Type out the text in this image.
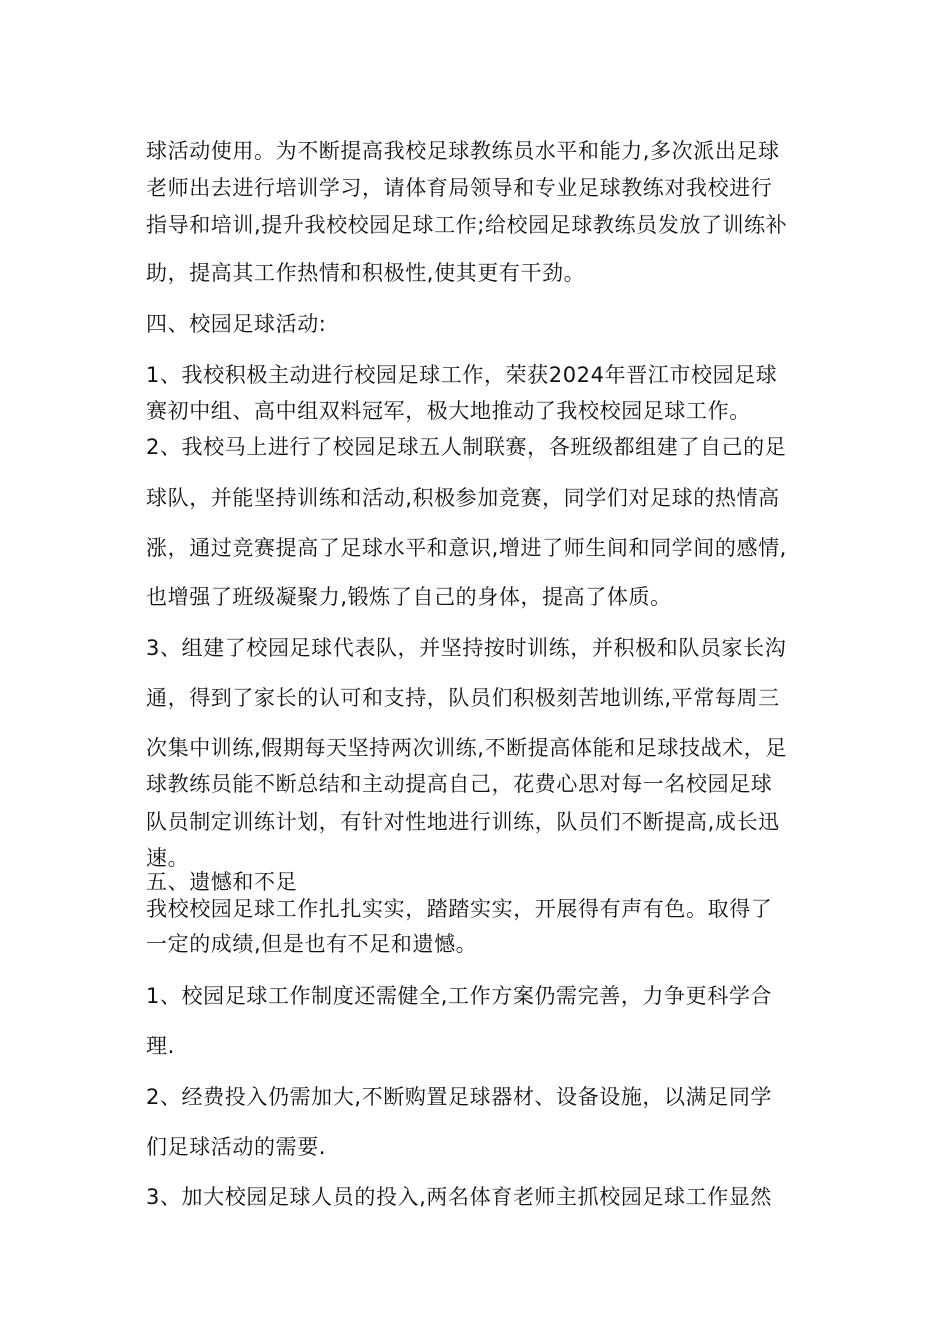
球活动使用。为不断提高我校足球教练员水平和能力,多次派出足球

老师出去进行培训学习，请体育局领导和专业足球教练对我校进行

指导和培训,提升我校校园足球工作;给校园足球教练员发放了训练补

助，提高其工作热情和积极性,使其更有干劲。

四、校园足球活动:

1、我校积极主动进行校园足球工作，荣获2024年晋江市校园足球

赛初中组、高中组双料冠军，极大地推动了我校校园足球工作。

2、我校马上进行了校园足球五人制联赛，各班级都组建了自己的足

球队，并能坚持训练和活动,积极参加竞赛，同学们对足球的热情高

涨，通过竞赛提高了足球水平和意识,增进了师生间和同学间的感情,

也增强了班级凝聚力,锻炼了自己的身体，提高了体质。

3、组建了校园足球代表队，并坚持按时训练，并积极和队员家长沟

通，得到了家长的认可和支持，队员们积极刻苦地训练,平常每周三

次集中训练,假期每天坚持两次训练,不断提高体能和足球技战术，足

球教练员能不断总结和主动提高自己，花费心思对每一名校园足球

队员制定训练计划，有针对性地进行训练，队员们不断提高,成长迅

速。

五、遗憾和不足

我校校园足球工作扎扎实实，踏踏实实，开展得有声有色。取得了

一定的成绩,但是也有不足和遗憾。

1、校园足球工作制度还需健全,工作方案仍需完善，力争更科学合

理.

2、经费投入仍需加大,不断购置足球器材、设备设施，以满足同学

们足球活动的需要.

3、加大校园足球人员的投入,两名体育老师主抓校园足球工作显然
